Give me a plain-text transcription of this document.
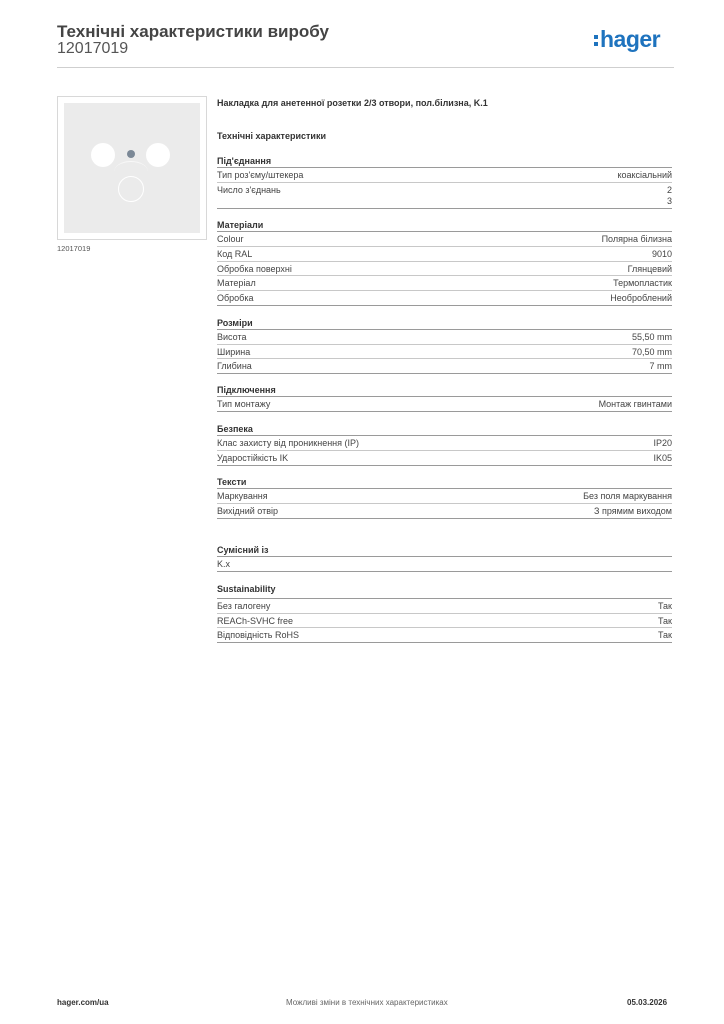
Технічні характеристики виробу
12017019	hager
12017019
Накладка для анетенної розетки 2/3 отвори, пол.білизна, K.1
Технічні характеристики
Під'єднання
Тип роз'єму/штекера	коаксіальний
Число з'єднань	2
3
Матеріали
Colour	Полярна білизна
Код RAL	9010
Обробка поверхні	Глянцевий
Матеріал	Термопластик
Обробка	Необроблений
Розміри
Висота	55,50 mm
Ширина	70,50 mm
Глибина	7 mm
Підключення
Тип монтажу	Монтаж гвинтами
Безпека
Клас захисту від проникнення (IP)	IP20
Ударостійкість IK	IK05
Тексти
Маркування	Без поля маркування
Вихідний отвір	З прямим виходом
Сумісний із
K.x
Sustainability
Без галогену	Так
REACh-SVHC free	Так
Відповідність RoHS	Так
hager.com/ua	Можливі зміни в технічних характеристиках	05.03.2026
